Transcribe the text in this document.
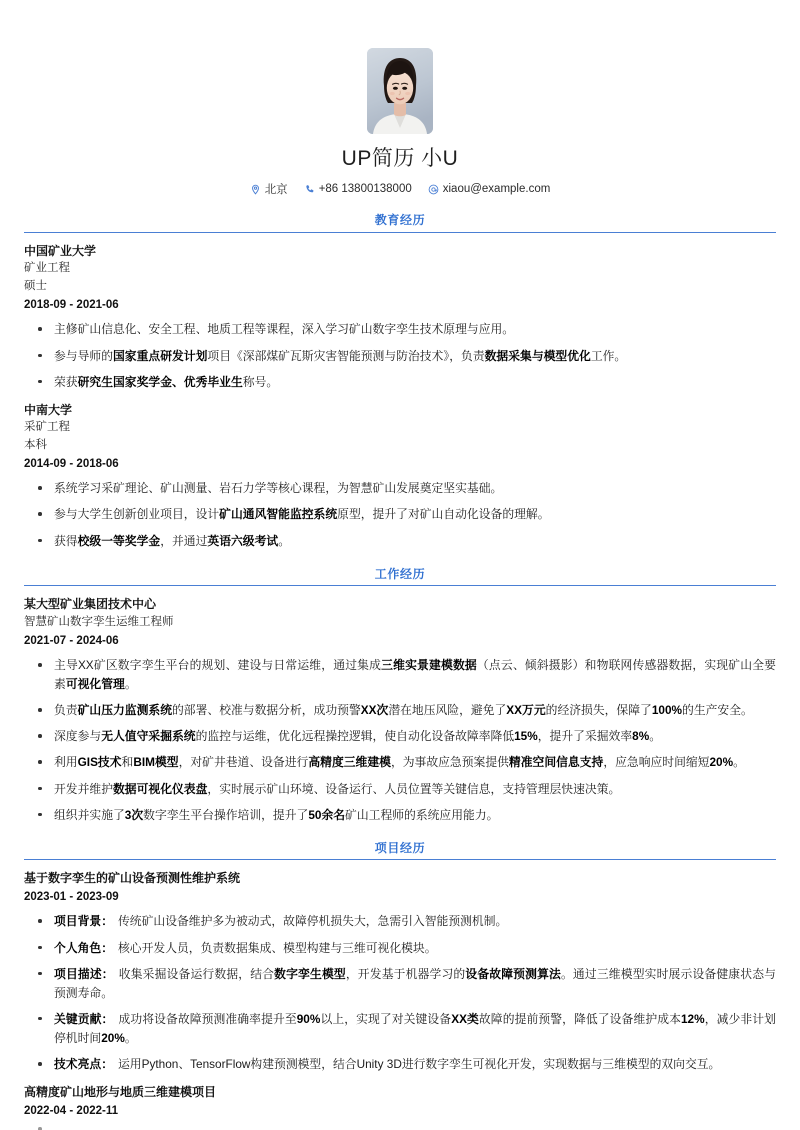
UP简历 小U
北京	+86 13800138000	xiaou@example.com
教育经历
中国矿业大学
矿业工程
硕士
2018-09 - 2021-06
主修矿山信息化、安全工程、地质工程等课程，深入学习矿山数字孪生技术原理与应用。
参与导师的国家重点研发计划项目《深部煤矿瓦斯灾害智能预测与防治技术》，负责数据采集与模型优化工作。
荣获研究生国家奖学金、优秀毕业生称号。
中南大学
采矿工程
本科
2014-09 - 2018-06
系统学习采矿理论、矿山测量、岩石力学等核心课程，为智慧矿山发展奠定坚实基础。
参与大学生创新创业项目，设计矿山通风智能监控系统原型，提升了对矿山自动化设备的理解。
获得校级一等奖学金，并通过英语六级考试。
工作经历
某大型矿业集团技术中心
智慧矿山数字孪生运维工程师
2021-07 - 2024-06
主导XX矿区数字孪生平台的规划、建设与日常运维，通过集成三维实景建模数据（点云、倾斜摄影）和物联网传感器数据，实现矿山全要素可视化管理。
负责矿山压力监测系统的部署、校准与数据分析，成功预警XX次潜在地压风险，避免了XX万元的经济损失，保障了100%的生产安全。
深度参与无人值守采掘系统的监控与运维，优化远程操控逻辑，使自动化设备故障率降低15%，提升了采掘效率8%。
利用GIS技术和BIM模型，对矿井巷道、设备进行高精度三维建模，为事故应急预案提供精准空间信息支持，应急响应时间缩短20%。
开发并维护数据可视化仪表盘，实时展示矿山环境、设备运行、人员位置等关键信息，支持管理层快速决策。
组织并实施了3次数字孪生平台操作培训，提升了50余名矿山工程师的系统应用能力。
项目经历
基于数字孪生的矿山设备预测性维护系统
2023-01 - 2023-09
项目背景： 传统矿山设备维护多为被动式，故障停机损失大，急需引入智能预测机制。
个人角色： 核心开发人员，负责数据集成、模型构建与三维可视化模块。
项目描述： 收集采掘设备运行数据，结合数字孪生模型，开发基于机器学习的设备故障预测算法。通过三维模型实时展示设备健康状态与预测寿命。
关键贡献： 成功将设备故障预测准确率提升至90%以上，实现了对关键设备XX类故障的提前预警，降低了设备维护成本12%，减少非计划停机时间20%。
技术亮点： 运用Python、TensorFlow构建预测模型，结合Unity 3D进行数字孪生可视化开发，实现数据与三维模型的双向交互。
高精度矿山地形与地质三维建模项目
2022-04 - 2022-11
